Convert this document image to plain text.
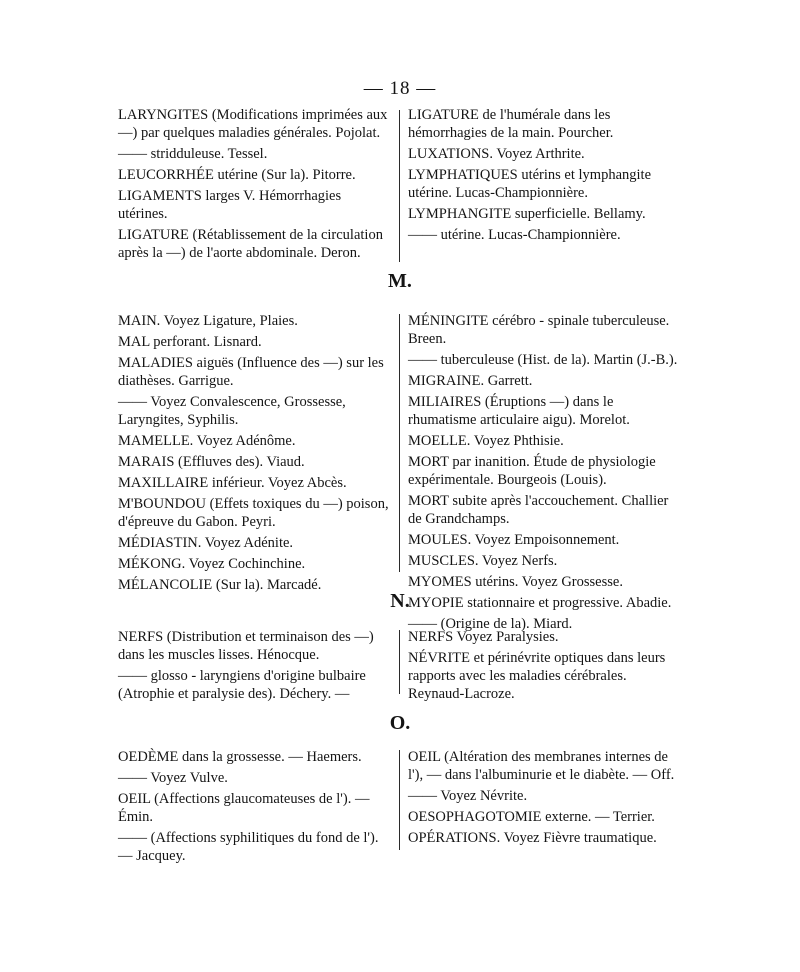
— 18 —

LARYNGITES (Modifications imprimées aux —) par quelques maladies générales. Pojolat.

—— stridduleuse. Tessel.

LEUCORRHÉE utérine (Sur la). Pitorre.

LIGAMENTS larges V. Hémorrhagies utérines.

LIGATURE (Rétablissement de la circulation après la —) de l'aorte abdominale. Deron.

LIGATURE de l'humérale dans les hémorrhagies de la main. Pourcher.

LUXATIONS. Voyez Arthrite.

LYMPHATIQUES utérins et lymphangite utérine. Lucas-Championnière.

LYMPHANGITE superficielle. Bellamy.

—— utérine. Lucas-Championnière.

M.

MAIN. Voyez Ligature, Plaies.

MAL perforant. Lisnard.

MALADIES aiguës (Influence des —) sur les diathèses. Garrigue.

—— Voyez Convalescence, Grossesse, Laryngites, Syphilis.

MAMELLE. Voyez Adénôme.

MARAIS (Effluves des). Viaud.

MAXILLAIRE inférieur. Voyez Abcès.

M'BOUNDOU (Effets toxiques du —) poison, d'épreuve du Gabon. Peyri.

MÉDIASTIN. Voyez Adénite.

MÉKONG. Voyez Cochinchine.

MÉLANCOLIE (Sur la). Marcadé.

MÉNINGITE cérébro - spinale tuberculeuse. Breen.

—— tuberculeuse (Hist. de la). Martin (J.-B.).

MIGRAINE. Garrett.

MILIAIRES (Éruptions —) dans le rhumatisme articulaire aigu). Morelot.

MOELLE. Voyez Phthisie.

MORT par inanition. Étude de physiologie expérimentale. Bourgeois (Louis).

MORT subite après l'accouchement. Challier de Grandchamps.

MOULES. Voyez Empoisonnement.

MUSCLES. Voyez Nerfs.

MYOMES utérins. Voyez Grossesse.

MYOPIE stationnaire et progressive. Abadie.

—— (Origine de la). Miard.

N.

NERFS (Distribution et terminaison des —) dans les muscles lisses. Hénocque.

—— glosso - laryngiens d'origine bulbaire (Atrophie et paralysie des). Déchery. —

NERFS Voyez Paralysies.

NÉVRITE et périnévrite optiques dans leurs rapports avec les maladies cérébrales. Reynaud-Lacroze.

O.

OEDÈME dans la grossesse. — Haemers.

—— Voyez Vulve.

OEIL (Affections glaucomateuses de l'). — Émin.

—— (Affections syphilitiques du fond de l'). — Jacquey.

OEIL (Altération des membranes internes de l'), — dans l'albuminurie et le diabète. — Off.

—— Voyez Névrite.

OESOPHAGOTOMIE externe. — Terrier.

OPÉRATIONS. Voyez Fièvre traumatique.
